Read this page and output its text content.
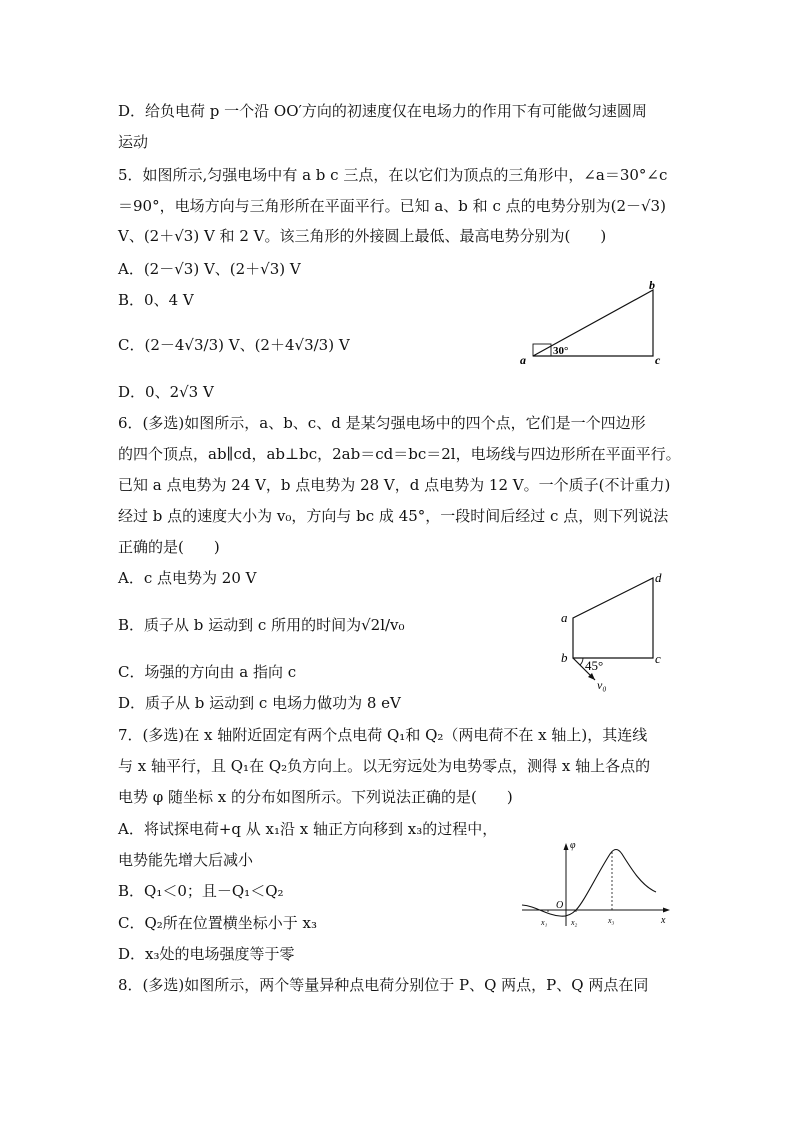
D．给负电荷 p 一个沿 OO′方向的初速度仅在电场力的作用下有可能做匀速圆周
运动
5．如图所示,匀强电场中有 a b c 三点，在以它们为顶点的三角形中，∠a＝30°∠c
＝90°，电场方向与三角形所在平面平行。已知 a、b 和 c 点的电势分别为(2－√3)
V、(2＋√3) V 和 2 V。该三角形的外接圆上最低、最高电势分别为(　　)
A．(2－√3) V、(2＋√3) V
B．0、4 V
C．(2－4√3/3) V、(2＋4√3/3) V
D．0、2√3 V
6．(多选)如图所示，a、b、c、d 是某匀强电场中的四个点，它们是一个四边形
的四个顶点，ab∥cd，ab⊥bc，2ab＝cd＝bc＝2l，电场线与四边形所在平面平行。
已知 a 点电势为 24 V，b 点电势为 28 V，d 点电势为 12 V。一个质子(不计重力)
经过 b 点的速度大小为 v₀，方向与 bc 成 45°，一段时间后经过 c 点，则下列说法
正确的是(　　)
A．c 点电势为 20 V
B．质子从 b 运动到 c 所用的时间为√2l/v₀
C．场强的方向由 a 指向 c
D．质子从 b 运动到 c 电场力做功为 8 eV
7．(多选)在 x 轴附近固定有两个点电荷 Q₁和 Q₂（两电荷不在 x 轴上)，其连线
与 x 轴平行，且 Q₁在 Q₂负方向上。以无穷远处为电势零点，测得 x 轴上各点的
电势 φ 随坐标 x 的分布如图所示。下列说法正确的是(　　)
A．将试探电荷+q 从 x₁沿 x 轴正方向移到 x₃的过程中，
电势能先增大后减小
B．Q₁＜0；且－Q₁＜Q₂
C．Q₂所在位置横坐标小于 x₃
D．x₃处的电场强度等于零
8．(多选)如图所示，两个等量异种点电荷分别位于 P、Q 两点，P、Q 两点在同
30°
a
b
c
45°
a
b	c
d
v₀
φ
x
O
x₁	x₂	x₃
